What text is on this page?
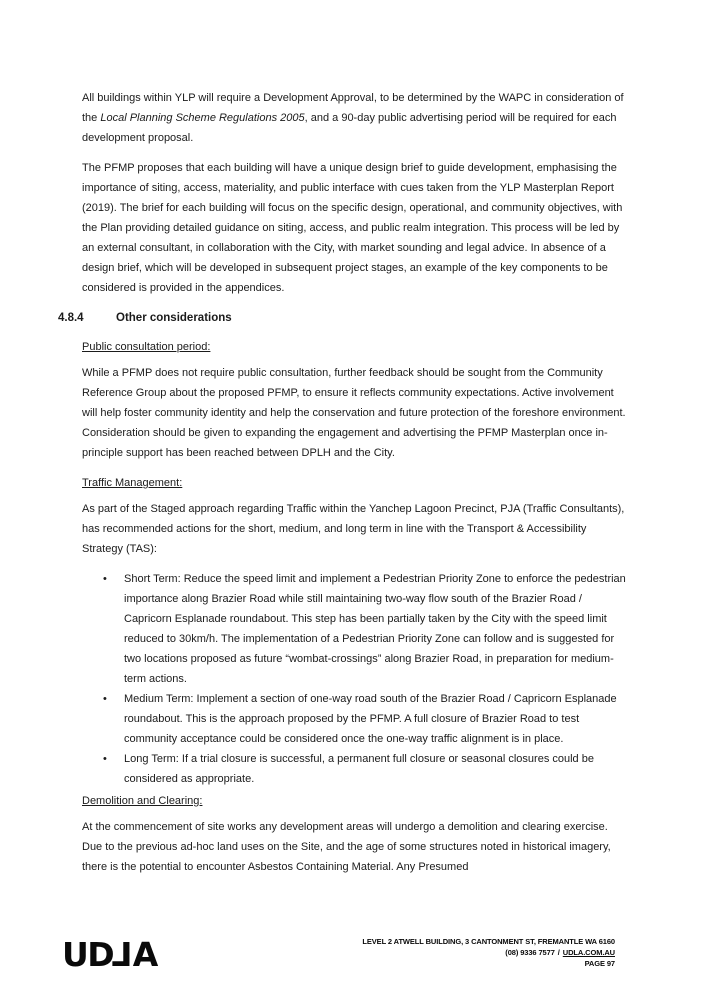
All buildings within YLP will require a Development Approval, to be determined by the WAPC in consideration of the Local Planning Scheme Regulations 2005, and a 90-day public advertising period will be required for each development proposal.

The PFMP proposes that each building will have a unique design brief to guide development, emphasising the importance of siting, access, materiality, and public interface with cues taken from the YLP Masterplan Report (2019). The brief for each building will focus on the specific design, operational, and community objectives, with the Plan providing detailed guidance on siting, access, and public realm integration. This process will be led by an external consultant, in collaboration with the City, with market sounding and legal advice. In absence of a design brief, which will be developed in subsequent project stages, an example of the key components to be considered is provided in the appendices.

4.8.4	Other considerations
Public consultation period:

While a PFMP does not require public consultation, further feedback should be sought from the Community Reference Group about the proposed PFMP, to ensure it reflects community expectations. Active involvement will help foster community identity and help the conservation and future protection of the foreshore environment. Consideration should be given to expanding the engagement and advertising the PFMP Masterplan once in-principle support has been reached between DPLH and the City.

Traffic Management:

As part of the Staged approach regarding Traffic within the Yanchep Lagoon Precinct, PJA (Traffic Consultants), has recommended actions for the short, medium, and long term in line with the Transport & Accessibility Strategy (TAS):

• Short Term: Reduce the speed limit and implement a Pedestrian Priority Zone to enforce the pedestrian importance along Brazier Road while still maintaining two-way flow south of the Brazier Road / Capricorn Esplanade roundabout. This step has been partially taken by the City with the speed limit reduced to 30km/h. The implementation of a Pedestrian Priority Zone can follow and is suggested for two locations proposed as future “wombat-crossings” along Brazier Road, in preparation for medium-term actions.
• Medium Term: Implement a section of one-way road south of the Brazier Road / Capricorn Esplanade roundabout. This is the approach proposed by the PFMP. A full closure of Brazier Road to test community acceptance could be considered once the one-way traffic alignment is in place.
• Long Term: If a trial closure is successful, a permanent full closure or seasonal closures could be considered as appropriate.
Demolition and Clearing:

At the commencement of site works any development areas will undergo a demolition and clearing exercise. Due to the previous ad-hoc land uses on the Site, and the age of some structures noted in historical imagery, there is the potential to encounter Asbestos Containing Material. Any Presumed

UDLA	LEVEL 2 ATWELL BUILDING, 3 CANTONMENT ST, FREMANTLE WA 6160
(08) 9336 7577 / UDLA.COM.AU
PAGE 97
